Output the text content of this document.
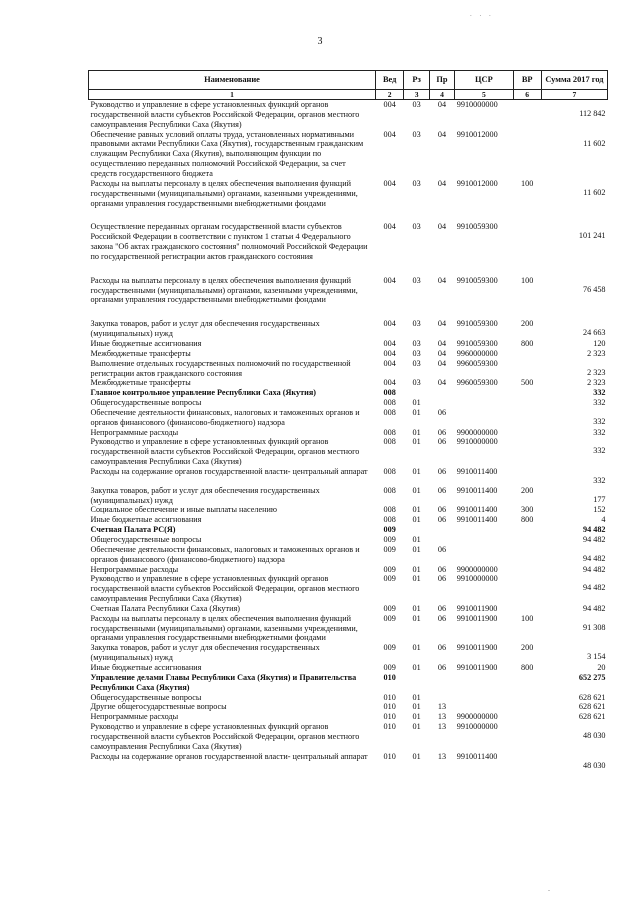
. . .
3
Наименование	Вед	Рз	Пр	ЦСР	ВР	Сумма 2017 год
1	2	3	4	5	6	7
Руководство и управление в сфере установленных функций органов государственной власти субъектов Российской Федерации, органов местного самоуправления Республики Саха (Якутия)	004	03	04	9910000000		112 842
Обеспечение равных условий оплаты труда, установленных нормативными правовыми актами Республики Саха (Якутия), государственным гражданским служащим Республики Саха (Якутия), выполняющим функции по осуществлению переданных полномочий Российской Федерации, за счет средств государственного бюджета	004	03	04	9910012000		11 602
Расходы на выплаты персоналу в целях обеспечения выполнения функций государственными (муниципальными) органами, казенными учреждениями, органами управления государственными внебюджетными фондами	004	03	04	9910012000	100	11 602
Осуществление переданных органам государственной власти субъектов Российской Федерации в соответствии с пунктом 1 статьи 4 Федерального закона "Об актах гражданского состояния" полномочий Российской Федерации по государственной регистрации актов гражданского состояния	004	03	04	9910059300		101 241
Расходы на выплаты персоналу в целях обеспечения выполнения функций государственными (муниципальными) органами, казенными учреждениями, органами управления государственными внебюджетными фондами	004	03	04	9910059300	100	76 458
Закупка товаров, работ и услуг для обеспечения государственных (муниципальных) нужд	004	03	04	9910059300	200	24 663
Иные бюджетные ассигнования	004	03	04	9910059300	800	120
Межбюджетные трансферты	004	03	04	9960000000		2 323
Выполнение отдельных государственных полномочий по государственной регистрации актов гражданского состояния	004	03	04	9960059300		2 323
Межбюджетные трансферты	004	03	04	9960059300	500	2 323
Главное контрольное управление Республики Саха (Якутия)	008					332
Общегосударственные вопросы	008	01				332
Обеспечение деятельности финансовых, налоговых и таможенных органов и органов финансового (финансово-бюджетного) надзора	008	01	06			332
Непрограммные расходы	008	01	06	9900000000		332
Руководство и управление в сфере установленных функций органов государственной власти субъектов Российской Федерации, органов местного самоуправления Республики Саха (Якутия)	008	01	06	9910000000		332
Расходы на содержание органов государственной власти- центральный аппарат	008	01	06	9910011400		332
Закупка товаров, работ и услуг для обеспечения государственных (муниципальных) нужд	008	01	06	9910011400	200	177
Социальное обеспечение и иные выплаты населению	008	01	06	9910011400	300	152
Иные бюджетные ассигнования	008	01	06	9910011400	800	4
Счетная Палата РС(Я)	009					94 482
Общегосударственные вопросы	009	01				94 482
Обеспечение деятельности финансовых, налоговых и таможенных органов и органов финансового (финансово-бюджетного) надзора	009	01	06			94 482
Непрограммные расходы	009	01	06	9900000000		94 482
Руководство и управление в сфере установленных функций органов государственной власти субъектов Российской Федерации, органов местного самоуправления Республики Саха (Якутия)	009	01	06	9910000000		94 482
Счетная Палата Республики Саха (Якутия)	009	01	06	9910011900		94 482
Расходы на выплаты персоналу в целях обеспечения выполнения функций государственными (муниципальными) органами, казенными учреждениями, органами управления государственными внебюджетными фондами	009	01	06	9910011900	100	91 308
Закупка товаров, работ и услуг для обеспечения государственных (муниципальных) нужд	009	01	06	9910011900	200	3 154
Иные бюджетные ассигнования	009	01	06	9910011900	800	20
Управление делами Главы Республики Саха (Якутия) и Правительства Республики Саха (Якутия)	010					652 275
Общегосударственные вопросы	010	01				628 621
Другие общегосударственные вопросы	010	01	13			628 621
Непрограммные расходы	010	01	13	9900000000		628 621
Руководство и управление в сфере установленных функций органов государственной власти субъектов Российской Федерации, органов местного самоуправления Республики Саха (Якутия)	010	01	13	9910000000		48 030
Расходы на содержание органов государственной власти- центральный аппарат	010	01	13	9910011400		48 030
.
